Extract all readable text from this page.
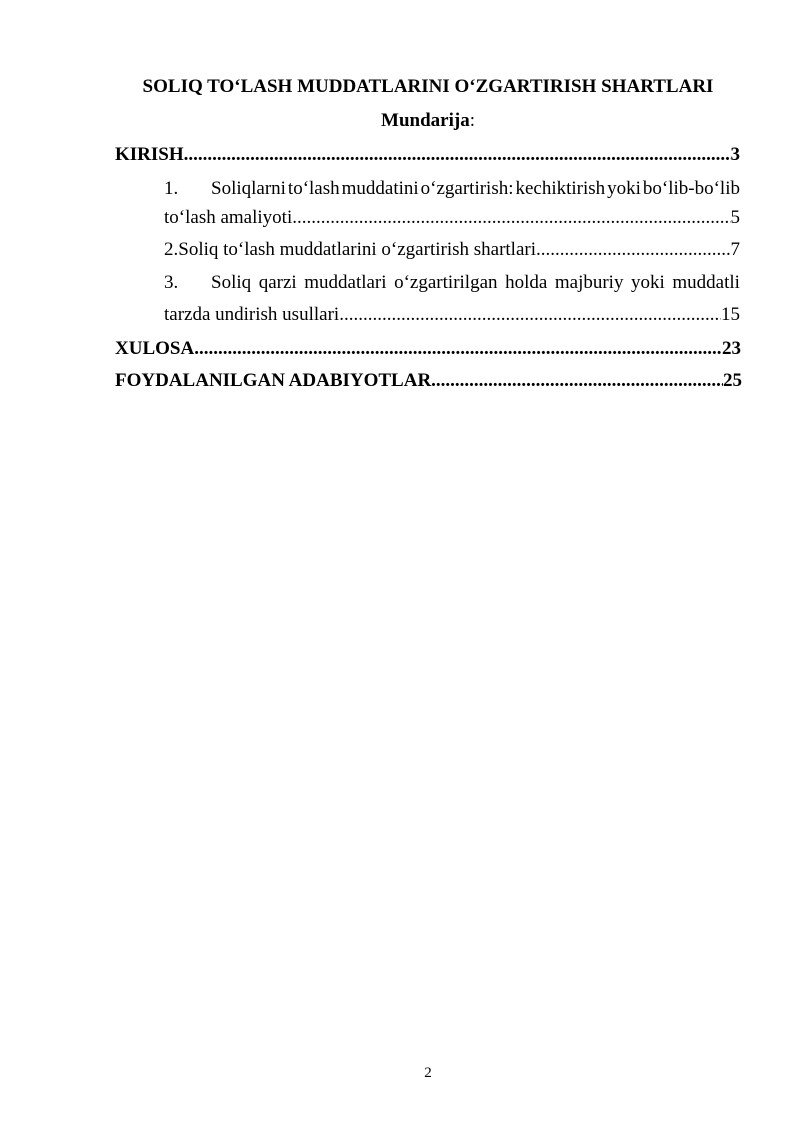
SOLIQ TO‘LASH MUDDATLARINI O‘ZGARTIRISH SHARTLARI
Mundarija:
KIRISH .....	3
1.	Soliqlarni to‘lash muddatini o‘zgartirish: kechiktirish yoki bo‘lib-bo‘lib
to‘lash amaliyoti .....	5
2. Soliq to‘lash muddatlarini o‘zgartirish shartlari .....	7
3.	Soliq qarzi muddatlari o‘zgartirilgan holda majburiy yoki muddatli
tarzda undirish usullari .....	15
XULOSA .....	23
FOYDALANILGAN ADABIYOTLAR .....	25
2
